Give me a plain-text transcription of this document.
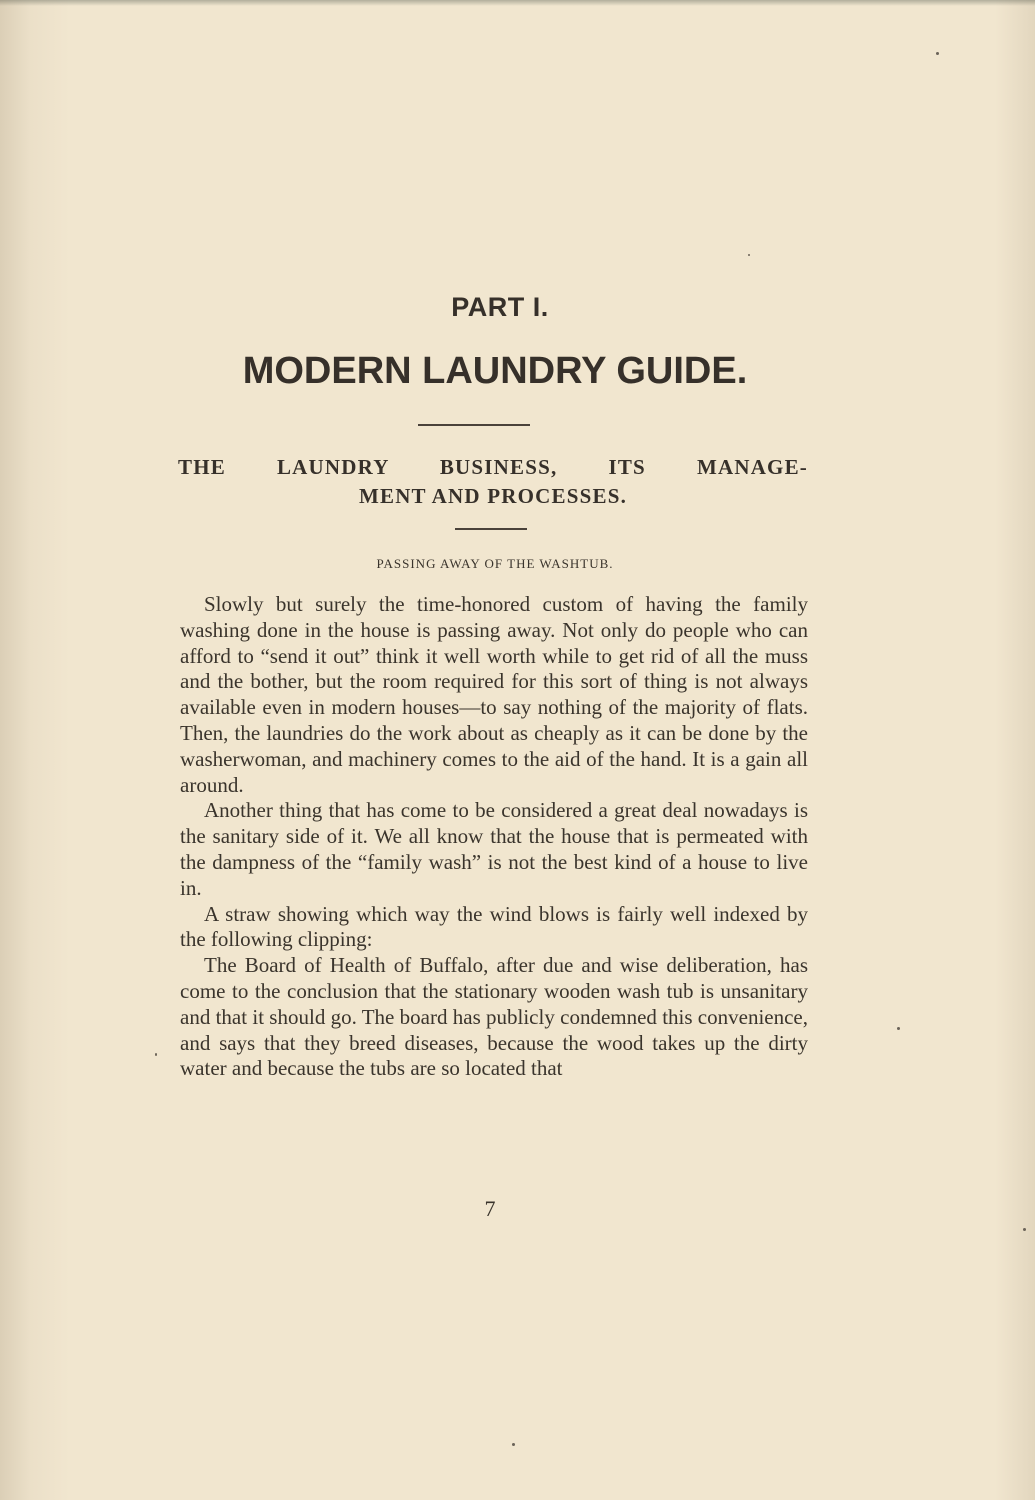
PART I.
MODERN LAUNDRY GUIDE.
THE LAUNDRY BUSINESS, ITS MANAGE-
MENT AND PROCESSES.
PASSING AWAY OF THE WASHTUB.

Slowly but surely the time-honored custom of having the family washing done in the house is passing away. Not only do people who can afford to “send it out” think it well worth while to get rid of all the muss and the bother, but the room required for this sort of thing is not always available even in modern houses—to say nothing of the majority of flats. Then, the laundries do the work about as cheaply as it can be done by the washerwoman, and machinery comes to the aid of the hand. It is a gain all around.

Another thing that has come to be considered a great deal nowadays is the sanitary side of it. We all know that the house that is permeated with the dampness of the “family wash” is not the best kind of a house to live in.

A straw showing which way the wind blows is fairly well indexed by the following clipping:

The Board of Health of Buffalo, after due and wise deliberation, has come to the conclusion that the stationary wooden wash tub is unsanitary and that it should go. The board has publicly condemned this convenience, and says that they breed diseases, because the wood takes up the dirty water and because the tubs are so located that

7
